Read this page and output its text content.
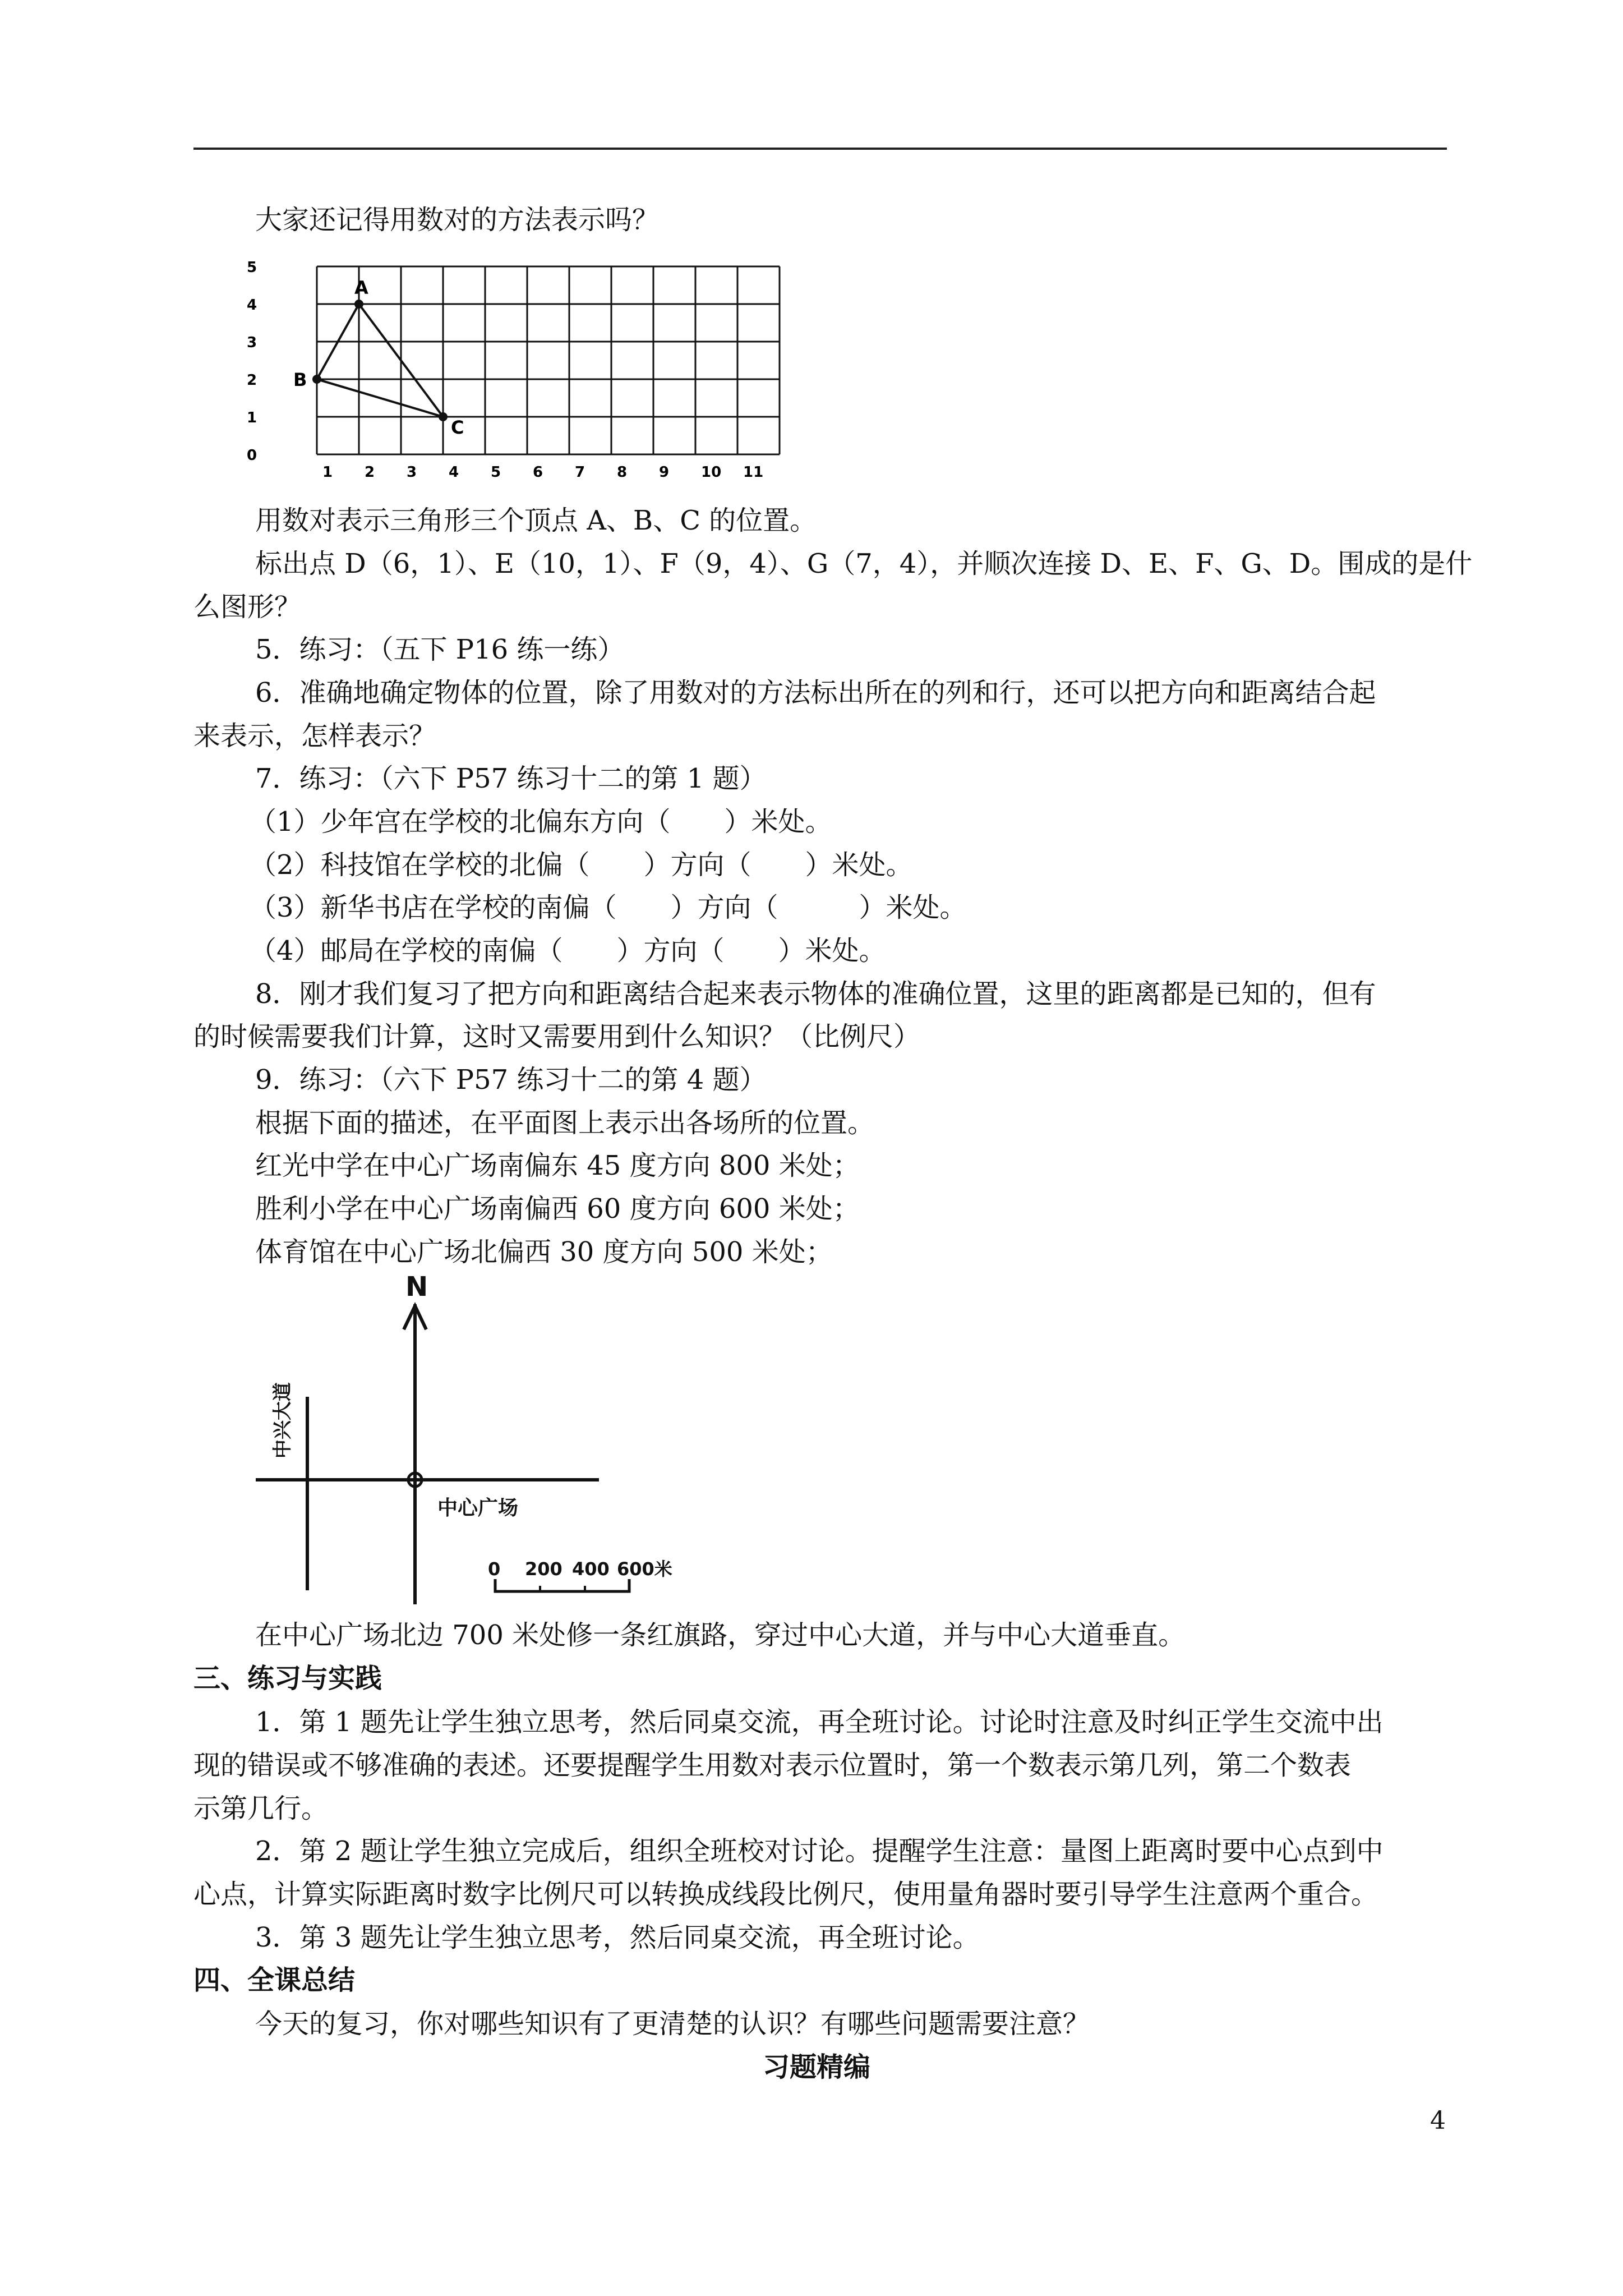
大家还记得用数对的方法表示吗？
5
4
3
2
1
0
1 2 3 4 5 6 7 8 9 10 11
A
B
C
用数对表示三角形三个顶点 A、B、C 的位置。
标出点 D（6，1）、E（10，1）、F（9，4）、G（7，4），并顺次连接 D、E、F、G、D。围成的是什
么图形？
5．练习：（五下 P16 练一练）
6．准确地确定物体的位置，除了用数对的方法标出所在的列和行，还可以把方向和距离结合起
来表示，怎样表示？
7．练习：（六下 P57 练习十二的第 1 题）
（1）少年宫在学校的北偏东方向（　　）米处。
（2）科技馆在学校的北偏（　　）方向（　　）米处。
（3）新华书店在学校的南偏（　　）方向（　　　）米处。
（4）邮局在学校的南偏（　　）方向（　　）米处。
8．刚才我们复习了把方向和距离结合起来表示物体的准确位置，这里的距离都是已知的，但有
的时候需要我们计算，这时又需要用到什么知识？（比例尺）
9．练习：（六下 P57 练习十二的第 4 题）
根据下面的描述，在平面图上表示出各场所的位置。
红光中学在中心广场南偏东 45 度方向 800 米处；
胜利小学在中心广场南偏西 60 度方向 600 米处；
体育馆在中心广场北偏西 30 度方向 500 米处；
N
中兴大道
中心广场
0 200 400 600米
在中心广场北边 700 米处修一条红旗路，穿过中心大道，并与中心大道垂直。
三、练习与实践
1．第 1 题先让学生独立思考，然后同桌交流，再全班讨论。讨论时注意及时纠正学生交流中出
现的错误或不够准确的表述。还要提醒学生用数对表示位置时，第一个数表示第几列，第二个数表
示第几行。
2．第 2 题让学生独立完成后，组织全班校对讨论。提醒学生注意：量图上距离时要中心点到中
心点，计算实际距离时数字比例尺可以转换成线段比例尺，使用量角器时要引导学生注意两个重合。
3．第 3 题先让学生独立思考，然后同桌交流，再全班讨论。
四、全课总结
今天的复习，你对哪些知识有了更清楚的认识？有哪些问题需要注意？
习题精编
4
